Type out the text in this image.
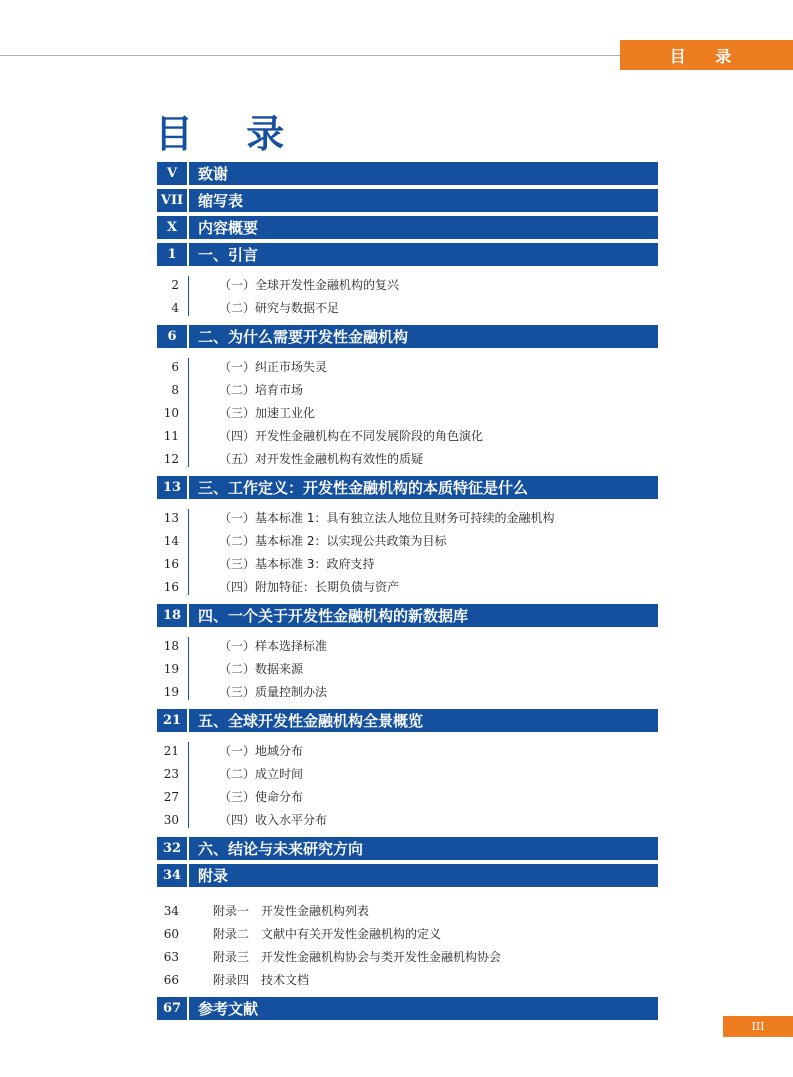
目 录
目 录
V	致谢
VII 缩写表
X	内容概要
1	一、引言
2	（一）全球开发性金融机构的复兴
4	（二）研究与数据不足
6	二、为什么需要开发性金融机构
6	（一）纠正市场失灵
8	（二）培育市场
10	（三）加速工业化
11	（四）开发性金融机构在不同发展阶段的角色演化
12	（五）对开发性金融机构有效性的质疑
13	三、工作定义：开发性金融机构的本质特征是什么
13	（一）基本标准 1：具有独立法人地位且财务可持续的金融机构
14	（二）基本标准 2：以实现公共政策为目标
16	（三）基本标准 3：政府支持
16	（四）附加特征：长期负债与资产
18	四、一个关于开发性金融机构的新数据库
18	（一）样本选择标准
19	（二）数据来源
19	（三）质量控制办法
21	五、全球开发性金融机构全景概览
21	（一）地域分布
23	（二）成立时间
27	（三）使命分布
30	（四）收入水平分布
32	六、结论与未来研究方向
34	附录
34	附录一　开发性金融机构列表
60	附录二　文献中有关开发性金融机构的定义
63	附录三　开发性金融机构协会与类开发性金融机构协会
66	附录四　技术文档
67	参考文献
III
